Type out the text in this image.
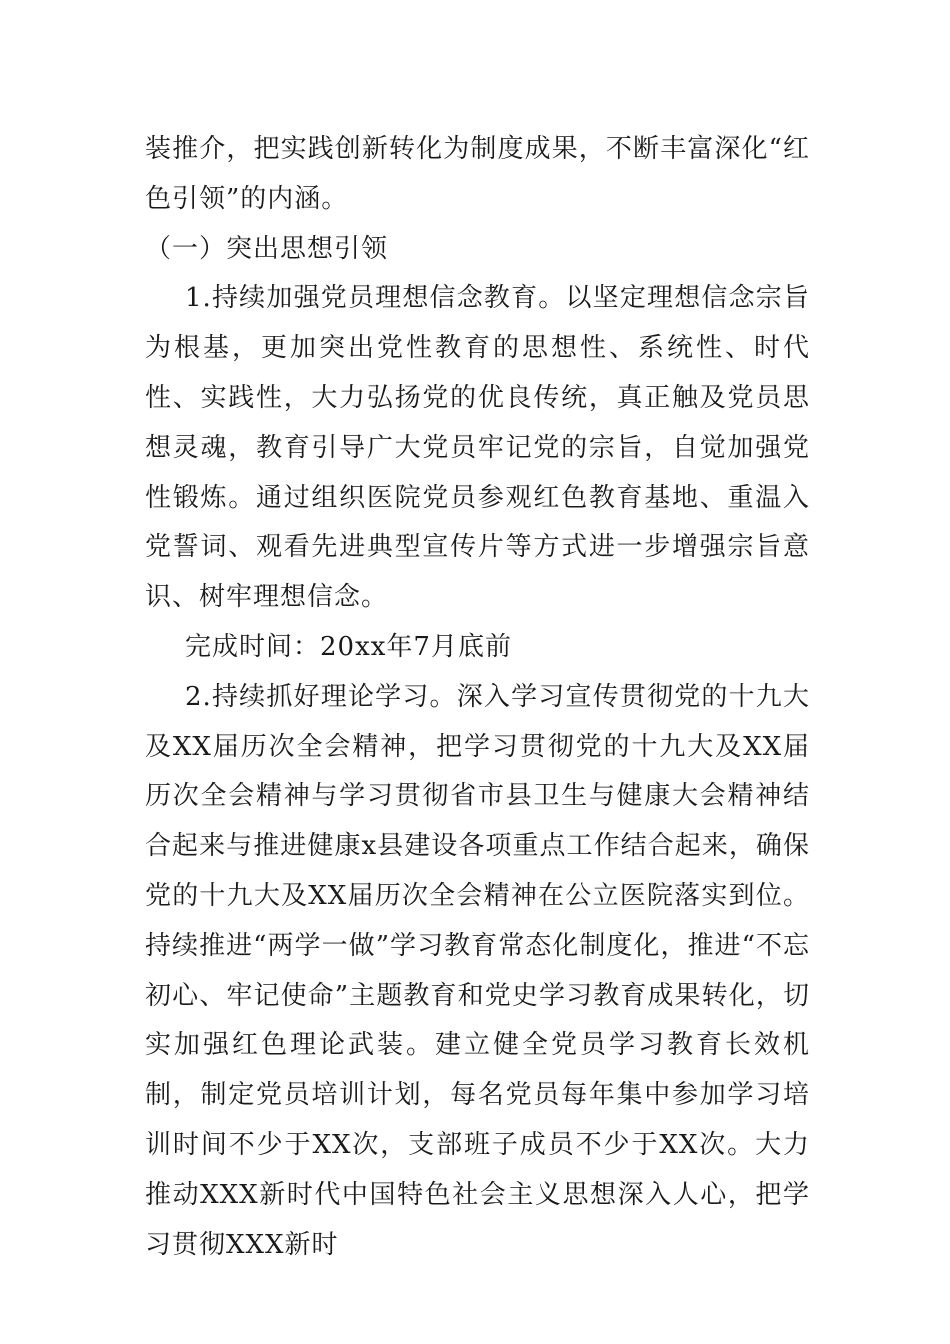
装推介，把实践创新转化为制度成果，不断丰富深化“红色引领”的内涵。

（一）突出思想引领

1.持续加强党员理想信念教育。以坚定理想信念宗旨为根基，更加突出党性教育的思想性、系统性、时代性、实践性，大力弘扬党的优良传统，真正触及党员思想灵魂，教育引导广大党员牢记党的宗旨，自觉加强党性锻炼。通过组织医院党员参观红色教育基地、重温入党誓词、观看先进典型宣传片等方式进一步增强宗旨意识、树牢理想信念。

完成时间：20xx年7月底前

2.持续抓好理论学习。深入学习宣传贯彻党的十九大及XX届历次全会精神，把学习贯彻党的十九大及XX届历次全会精神与学习贯彻省市县卫生与健康大会精神结合起来与推进健康x县建设各项重点工作结合起来，确保党的十九大及XX届历次全会精神在公立医院落实到位。持续推进“两学一做”学习教育常态化制度化，推进“不忘初心、牢记使命”主题教育和党史学习教育成果转化，切实加强红色理论武装。建立健全党员学习教育长效机制，制定党员培训计划，每名党员每年集中参加学习培训时间不少于XX次，支部班子成员不少于XX次。大力推动XXX新时代中国特色社会主义思想深入人心，把学习贯彻XXX新时
